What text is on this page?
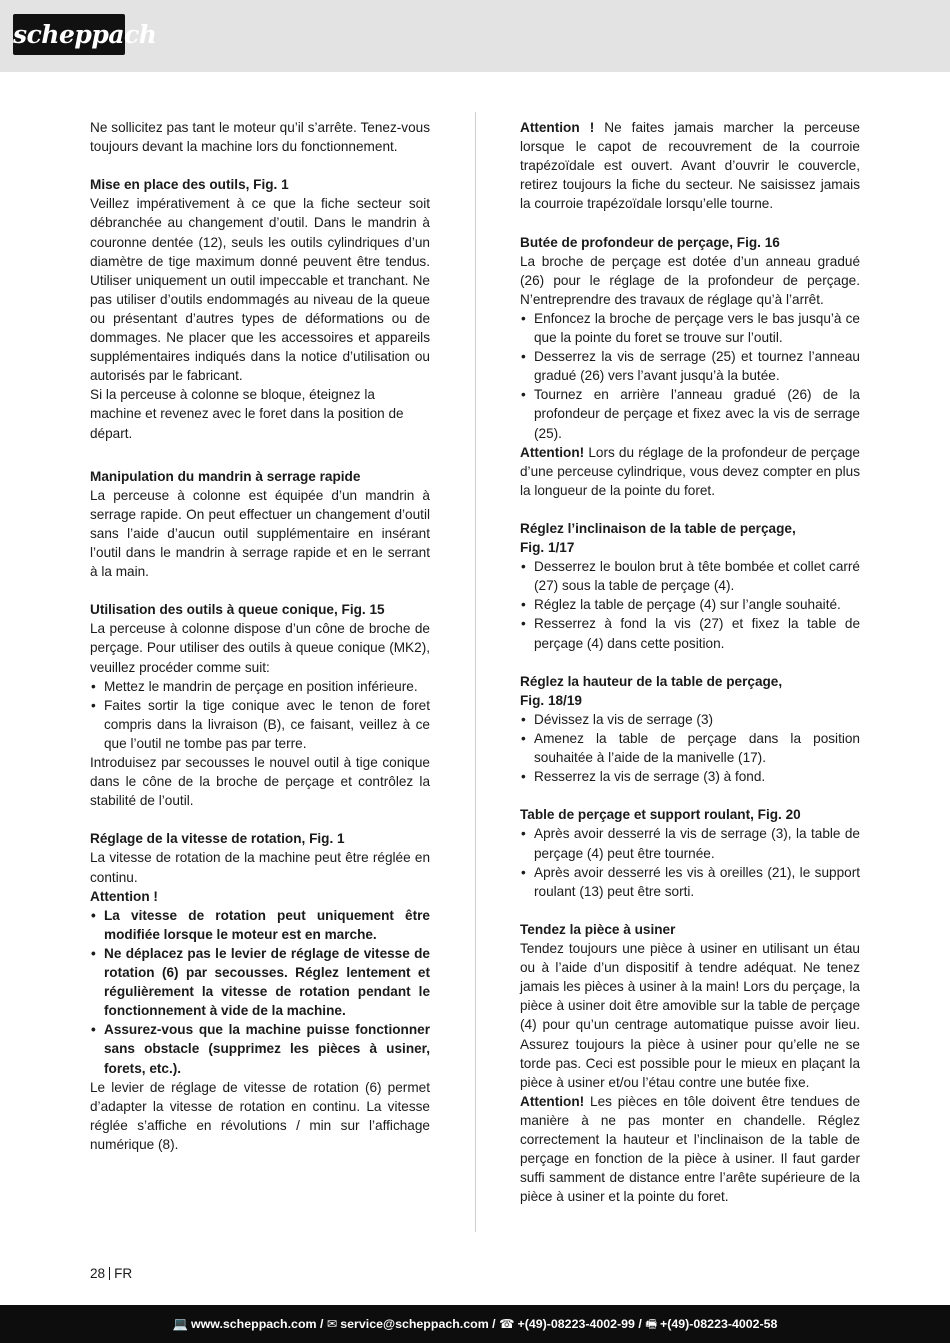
scheppach

Ne sollicitez pas tant le moteur qu’il s’arrête. Tenez-vous toujours devant la machine lors du fonctionnement.

Mise en place des outils, Fig. 1

Veillez impérativement à ce que la fiche secteur soit débranchée au changement d’outil. Dans le mandrin à couronne dentée (12), seuls les outils cylindriques d’un diamètre de tige maximum donné peuvent être tendus. Utiliser uniquement un outil impeccable et tranchant. Ne pas utiliser d’outils endommagés au niveau de la queue ou présentant d’autres types de déformations ou de dommages. Ne placer que les accessoires et appareils supplémentaires indiqués dans la notice d’utilisation ou autorisés par le fabricant.

Si la perceuse à colonne se bloque, éteignez la machine et revenez avec le foret dans la position de départ.

Manipulation du mandrin à serrage rapide

La perceuse à colonne est équipée d’un mandrin à serrage rapide. On peut effectuer un changement d’outil sans l’aide d’aucun outil supplémentaire en insérant l’outil dans le mandrin à serrage rapide et en le serrant à la main.

Utilisation des outils à queue conique, Fig. 15

La perceuse à colonne dispose d’un cône de broche de perçage. Pour utiliser des outils à queue conique (MK2), veuillez procéder comme suit:

• Mettez le mandrin de perçage en position inférieure.
• Faites sortir la tige conique avec le tenon de foret compris dans la livraison (B), ce faisant, veillez à ce que l’outil ne tombe pas par terre.

Introduisez par secousses le nouvel outil à tige conique dans le cône de la broche de perçage et contrôlez la stabilité de l’outil.

Réglage de la vitesse de rotation, Fig. 1

La vitesse de rotation de la machine peut être réglée en continu.

Attention !
• La vitesse de rotation peut uniquement être modifiée lorsque le moteur est en marche.
• Ne déplacez pas le levier de réglage de vitesse de rotation (6) par secousses. Réglez lentement et régulièrement la vitesse de rotation pendant le fonctionnement à vide de la machine.
• Assurez-vous que la machine puisse fonctionner sans obstacle (supprimez les pièces à usiner, forets, etc.).

Le levier de réglage de vitesse de rotation (6) permet d’adapter la vitesse de rotation en continu. La vitesse réglée s’affiche en révolutions / min sur l’affichage numérique (8).

Attention ! Ne faites jamais marcher la perceuse lorsque le capot de recouvrement de la courroie trapézoïdale est ouvert. Avant d’ouvrir le couvercle, retirez toujours la fiche du secteur. Ne saisissez jamais la courroie trapézoïdale lorsqu’elle tourne.

Butée de profondeur de perçage, Fig. 16

La broche de perçage est dotée d’un anneau gradué (26) pour le réglage de la profondeur de perçage. N’entreprendre des travaux de réglage qu’à l’arrêt.

• Enfoncez la broche de perçage vers le bas jusqu’à ce que la pointe du foret se trouve sur l’outil.
• Desserrez la vis de serrage (25) et tournez l’anneau gradué (26) vers l’avant jusqu’à la butée.
• Tournez en arrière l’anneau gradué (26) de la profondeur de perçage et fixez avec la vis de serrage (25).

Attention! Lors du réglage de la profondeur de perçage d’une perceuse cylindrique, vous devez compter en plus la longueur de la pointe du foret.

Réglez l’inclinaison de la table de perçage,
Fig. 1/17
• Desserrez le boulon brut à tête bombée et collet carré (27) sous la table de perçage (4).
• Réglez la table de perçage (4) sur l’angle souhaité.
• Resserrez à fond la vis (27) et fixez la table de perçage (4) dans cette position.
Réglez la hauteur de la table de perçage,
Fig. 18/19
• Dévissez la vis de serrage (3)
• Amenez la table de perçage dans la position souhaitée à l’aide de la manivelle (17).
• Resserrez la vis de serrage (3) à fond.
Table de perçage et support roulant, Fig. 20
• Après avoir desserré la vis de serrage (3), la table de perçage (4) peut être tournée.
• Après avoir desserré les vis à oreilles (21), le support roulant (13) peut être sorti.
Tendez la pièce à usiner

Tendez toujours une pièce à usiner en utilisant un étau ou à l’aide d’un dispositif à tendre adéquat. Ne tenez jamais les pièces à usiner à la main! Lors du perçage, la pièce à usiner doit être amovible sur la table de perçage (4) pour qu’un centrage automatique puisse avoir lieu. Assurez toujours la pièce à usiner pour qu’elle ne se torde pas. Ceci est possible pour le mieux en plaçant la pièce à usiner et/ou l’étau contre une butée fixe.

Attention! Les pièces en tôle doivent être tendues de manière à ne pas monter en chandelle. Réglez correctement la hauteur et l’inclinaison de la table de perçage en fonction de la pièce à usiner. Il faut garder suffi samment de distance entre l’arête supérieure de la pièce à usiner et la pointe du foret.

28 FR
💻 www.scheppach.com / ✉ service@scheppach.com / ☎ +(49)-08223-4002-99 / 🖷 +(49)-08223-4002-58
